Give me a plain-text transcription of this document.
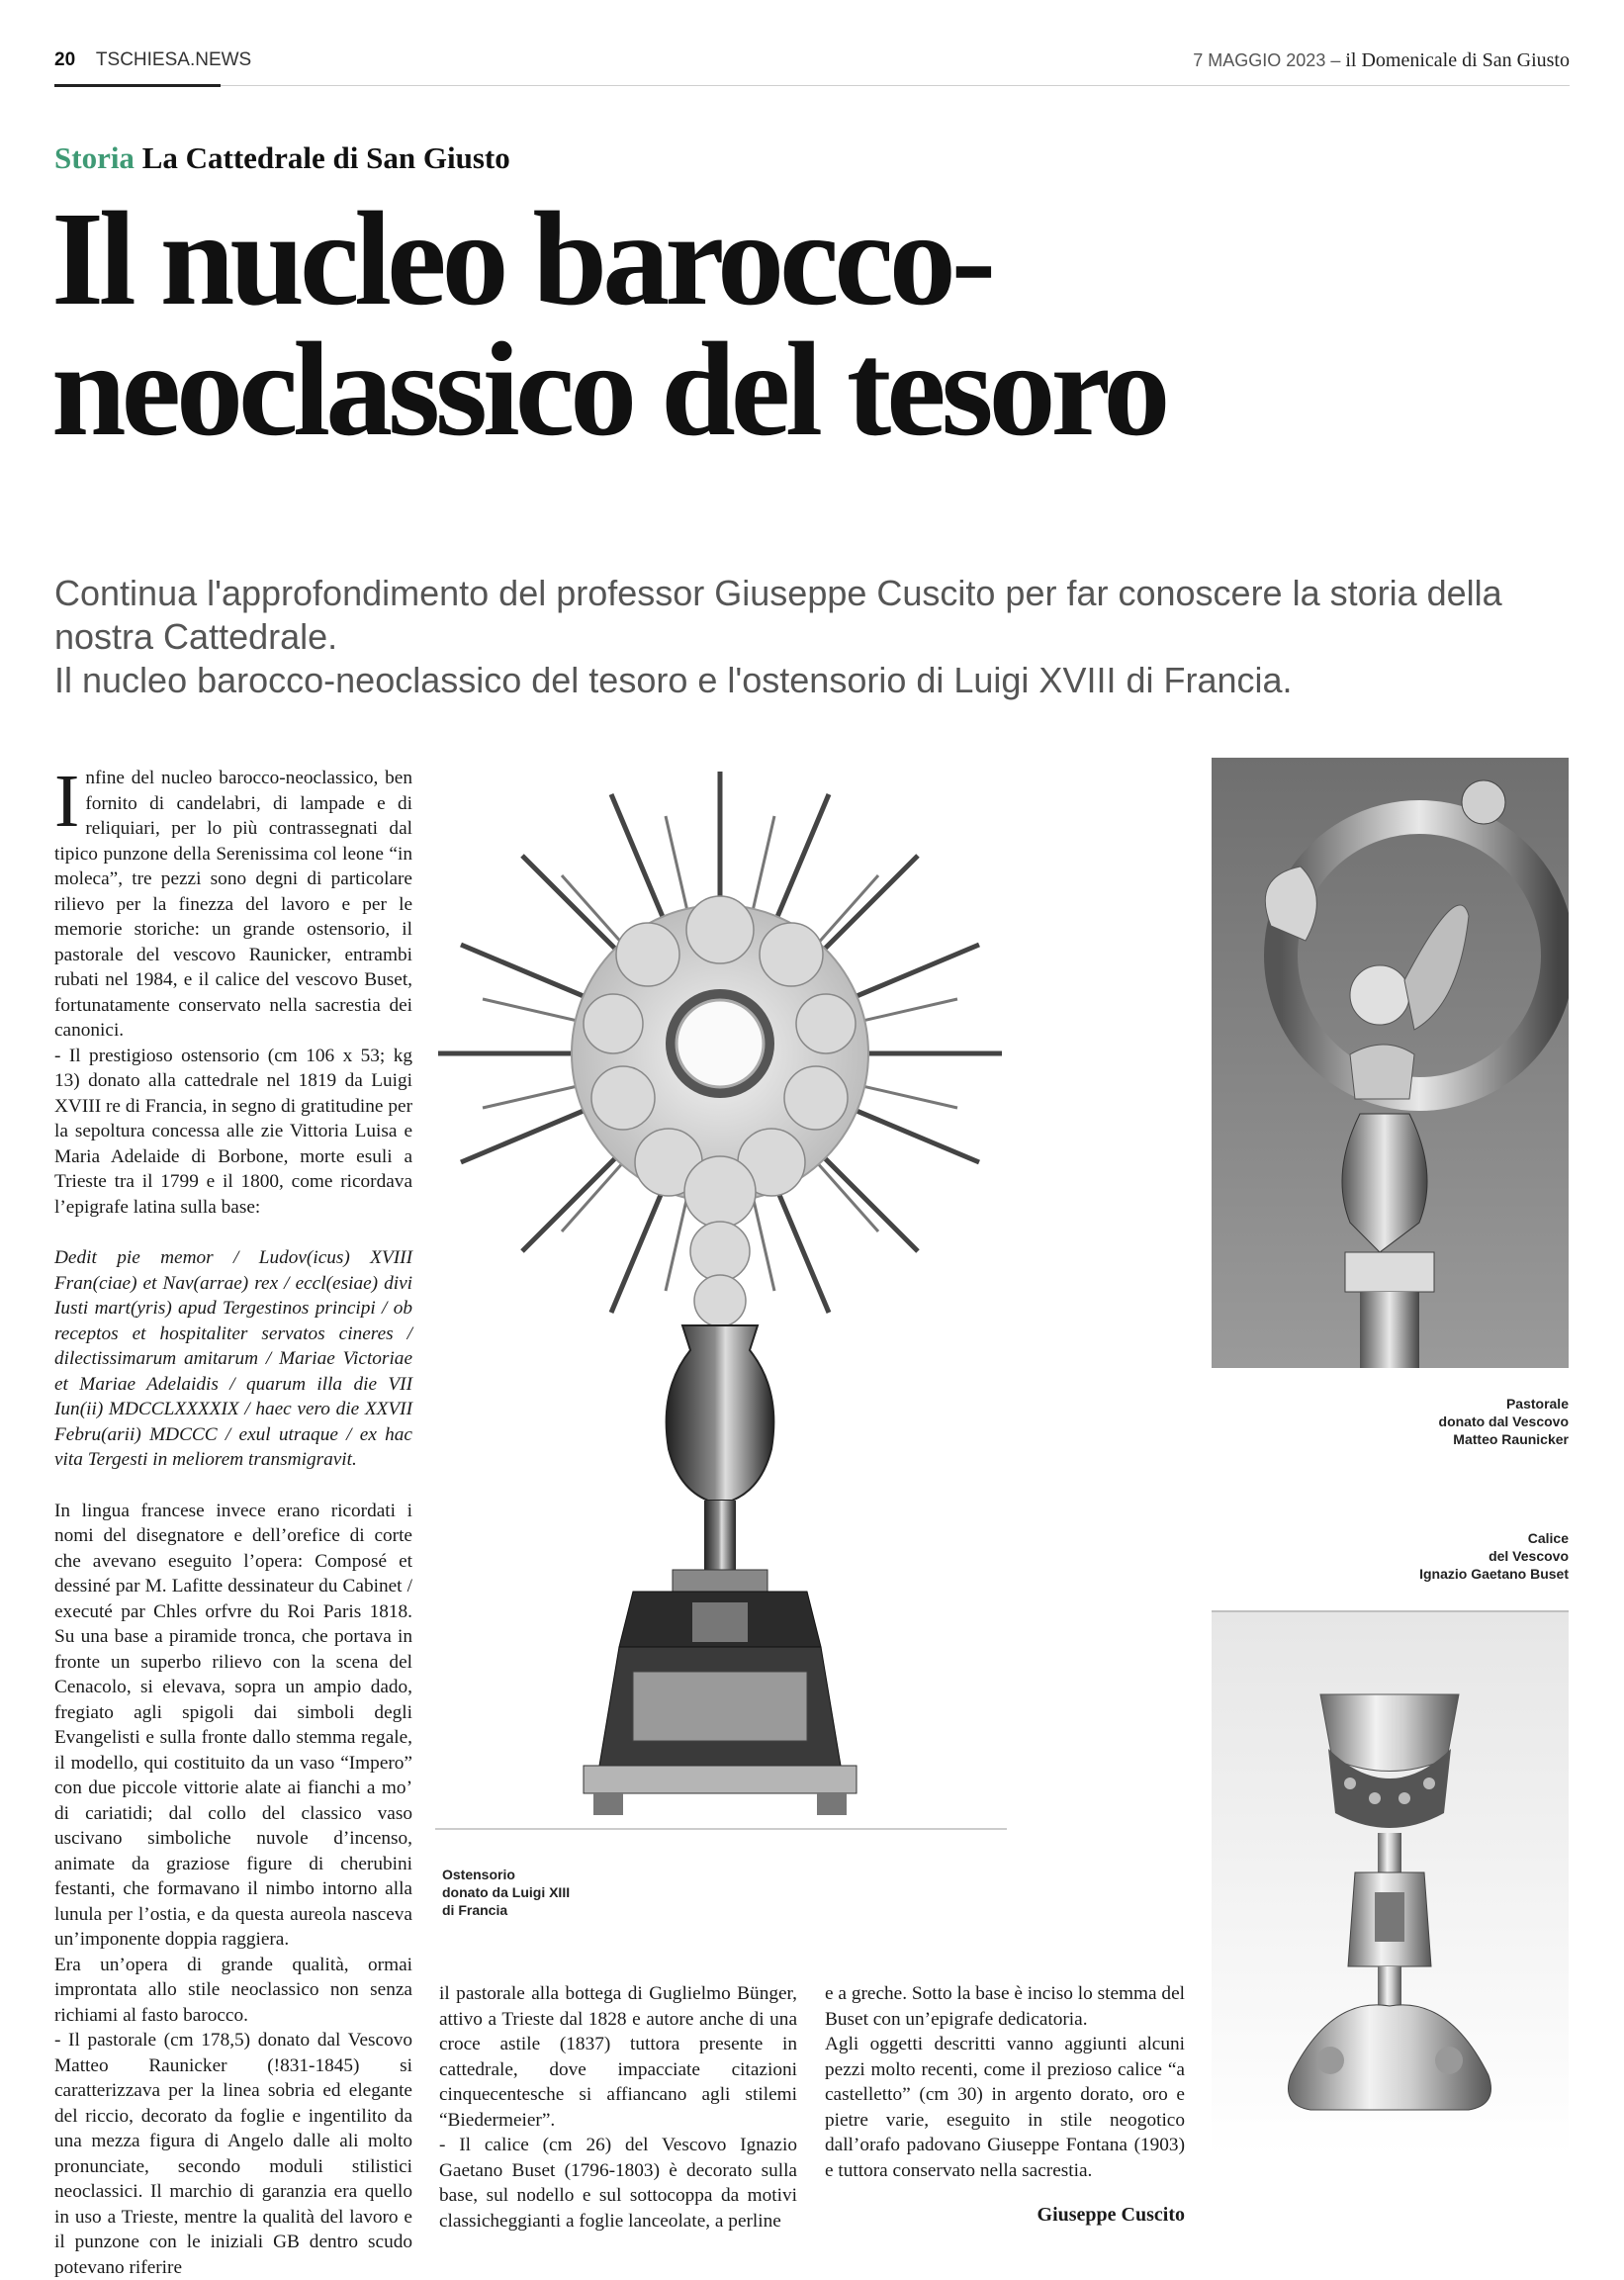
20 TSCHIESA.NEWS	7 MAGGIO 2023 – il Domenicale di San Giusto
Storia La Cattedrale di San Giusto
Il nucleo barocco-
neoclassico del tesoro
Continua l'approfondimento del professor Giuseppe Cuscito per far conoscere la storia della nostra Cattedrale.
Il nucleo barocco-neoclassico del tesoro e l'ostensorio di Luigi XVIII di Francia.

Infine del nucleo barocco-neoclassico, ben fornito di candelabri, di lampade e di reliquiari, per lo più contrassegnati dal tipico punzone della Serenissima col leone “in moleca”, tre pezzi sono degni di particolare rilievo per la finezza del lavoro e per le memorie storiche: un grande ostensorio, il pastorale del vescovo Raunicker, entrambi rubati nel 1984, e il calice del vescovo Buset, fortunatamente conservato nella sacrestia dei canonici.

- Il prestigioso ostensorio (cm 106 x 53; kg 13) donato alla cattedrale nel 1819 da Luigi XVIII re di Francia, in segno di gratitudine per la sepoltura concessa alle zie Vittoria Luisa e Maria Adelaide di Borbone, morte esuli a Trieste tra il 1799 e il 1800, come ricordava l’epigrafe latina sulla base:

Dedit pie memor / Ludov(icus) XVIII Fran(ciae) et Nav(arrae) rex / eccl(esiae) divi Iusti mart(yris) apud Tergestinos principi / ob receptos et hospitaliter servatos cineres / dilectissimarum amitarum / Mariae Victoriae et Mariae Adelaidis / quarum illa die VII Iun(ii) MDCCLXXXXIX / haec vero die XXVII Febru(arii) MDCCC / exul utraque / ex hac vita Tergesti in meliorem transmigravit.

In lingua francese invece erano ricordati i nomi del disegnatore e dell’orefice di corte che avevano eseguito l’opera: Composé et dessiné par M. Lafitte dessinateur du Cabinet / executé par Chles orfvre du Roi Paris 1818. Su una base a piramide tronca, che portava in fronte un superbo rilievo con la scena del Cenacolo, si elevava, sopra un ampio dado, fregiato agli spigoli dai simboli degli Evangelisti e sulla fronte dallo stemma regale, il modello, qui costituito da un vaso “Impero” con due piccole vittorie alate ai fianchi a mo’ di cariatidi; dal collo del classico vaso uscivano simboliche nuvole d’incenso, animate da graziose figure di cherubini festanti, che formavano il nimbo intorno alla lunula per l’ostia, e da questa aureola nasceva un’imponente doppia raggiera.

Era un’opera di grande qualità, ormai improntata allo stile neoclassico non senza richiami al fasto barocco.

- Il pastorale (cm 178,5) donato dal Vescovo Matteo Raunicker (!831-1845) si caratterizzava per la linea sobria ed elegante del riccio, decorato da foglie e ingentilito da una mezza figura di Angelo dalle ali molto pronunciate, secondo moduli stilistici neoclassici. Il marchio di garanzia era quello in uso a Trieste, mentre la qualità del lavoro e il punzone con le iniziali GB dentro scudo potevano riferire

il pastorale alla bottega di Guglielmo Bünger, attivo a Trieste dal 1828 e autore anche di una croce astile (1837) tuttora presente in cattedrale, dove impacciate citazioni cinquecentesche si affiancano agli stilemi “Biedermeier”.

- Il calice (cm 26) del Vescovo Ignazio Gaetano Buset (1796-1803) è decorato sulla base, sul nodello e sul sottocoppa da motivi classicheggianti a foglie lanceolate, a perline

e a greche. Sotto la base è inciso lo stemma del Buset con un’epigrafe dedicatoria.

Agli oggetti descritti vanno aggiunti alcuni pezzi molto recenti, come il prezioso calice “a castelletto” (cm 30) in argento dorato, oro e pietre varie, eseguito in stile neogotico dall’orafo padovano Giuseppe Fontana (1903) e tuttora conservato nella sacrestia.

Giuseppe Cuscito

Ostensorio
donato da Luigi XIII
di Francia
Pastorale
donato dal Vescovo
Matteo Raunicker
Calice
del Vescovo
Ignazio Gaetano Buset
